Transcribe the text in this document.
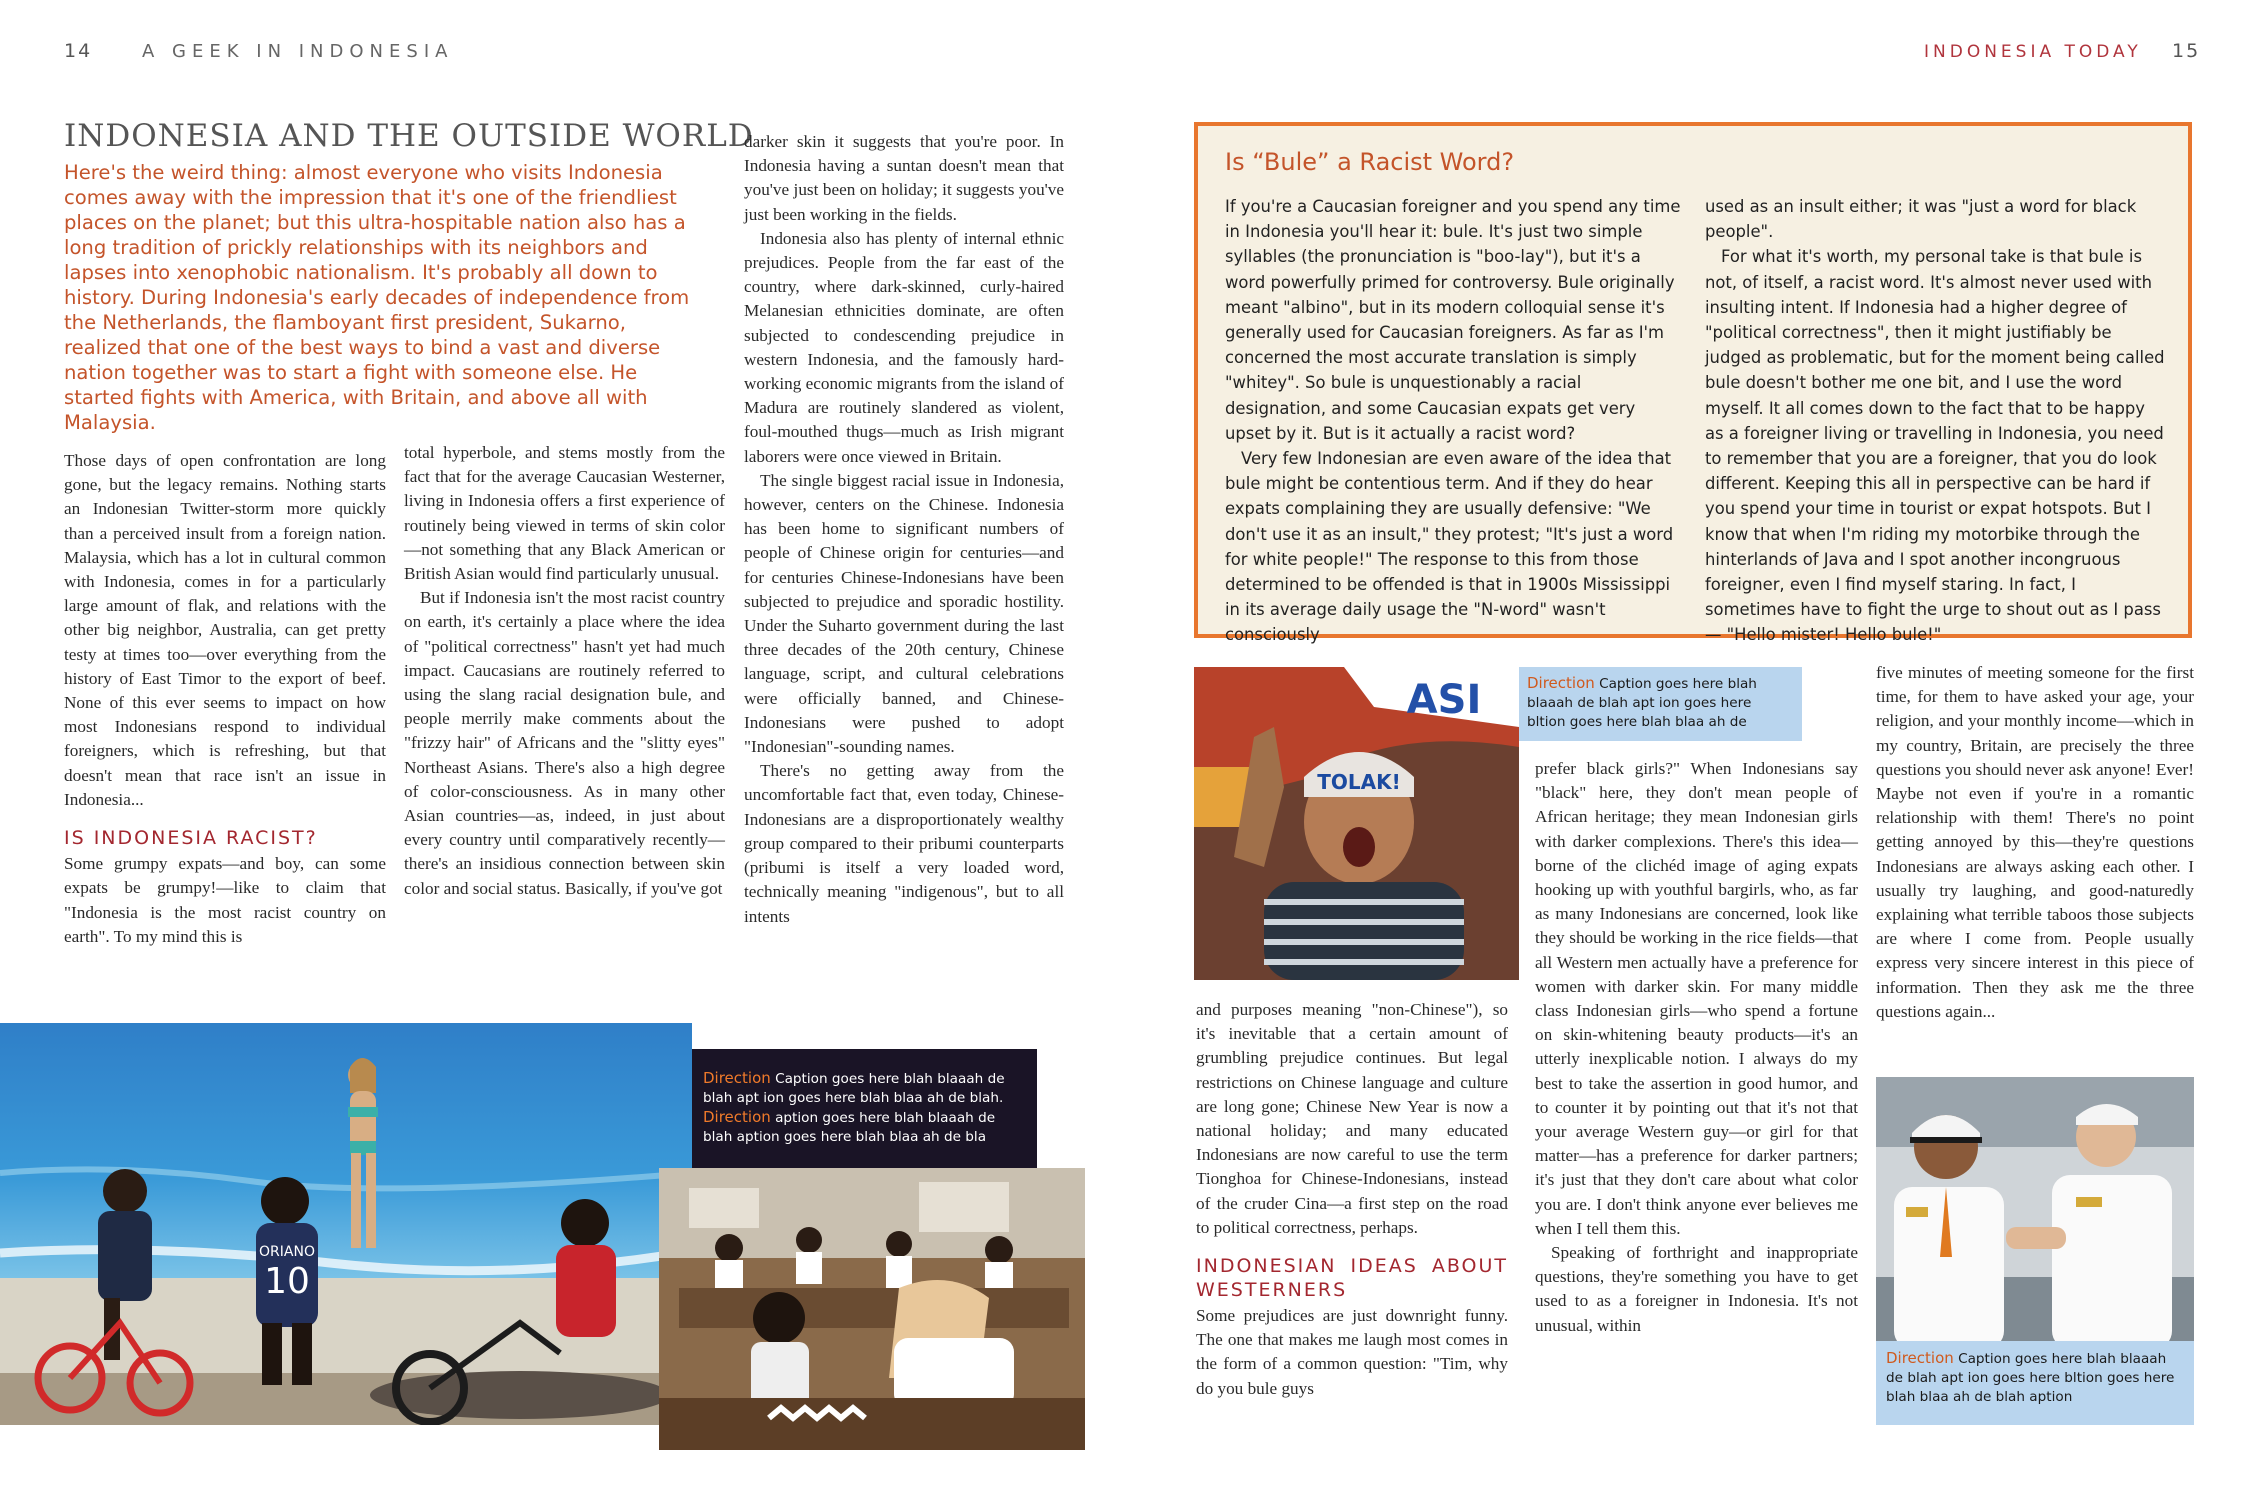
14	A GEEK IN INDONESIA	INDONESIA TODAY 15
INDONESIA AND THE OUTSIDE WORLD
Here's the weird thing: almost everyone who visits Indonesia comes away with the impression that it's one of the friendliest places on the planet; but this ultra-hospitable nation also has a long tradition of prickly relationships with its neighbors and lapses into xenophobic nationalism. It's probably all down to history. During Indonesia's early decades of independence from the Netherlands, the flamboyant first president, Sukarno, realized that one of the best ways to bind a vast and diverse nation together was to start a fight with someone else. He started fights with America, with Britain, and above all with Malaysia.

Those days of open confrontation are long gone, but the legacy remains. Nothing starts an Indonesian Twitter-storm more quickly than a perceived insult from a foreign nation. Malaysia, which has a lot in cultural common with Indonesia, comes in for a particularly large amount of flak, and relations with the other big neighbor, Australia, can get pretty testy at times too—over everything from the history of East Timor to the export of beef. None of this ever seems to impact on how most Indonesians respond to individual foreigners, which is refreshing, but that doesn't mean that race isn't an issue in Indonesia...

IS INDONESIA RACIST?

Some grumpy expats—and boy, can some expats be grumpy!—like to claim that "Indonesia is the most racist country on earth". To my mind this is

total hyperbole, and stems mostly from the fact that for the average Caucasian Westerner, living in Indonesia offers a first experience of routinely being viewed in terms of skin color—not something that any Black American or British Asian would find particularly unusual.

But if Indonesia isn't the most racist country on earth, it's certainly a place where the idea of "political correctness" hasn't yet had much impact. Caucasians are routinely referred to using the slang racial designation bule, and people merrily make comments about the "frizzy hair" of Africans and the "slitty eyes" Northeast Asians. There's also a high degree of color-consciousness. As in many other Asian countries—as, indeed, in just about every country until comparatively recently—there's an insidious connection between skin color and social status. Basically, if you've got

darker skin it suggests that you're poor. In Indonesia having a suntan doesn't mean that you've just been on holiday; it suggests you've just been working in the fields.

Indonesia also has plenty of internal ethnic prejudices. People from the far east of the country, where dark-skinned, curly-haired Melanesian ethnicities dominate, are often subjected to condescending prejudice in western Indonesia, and the famously hard-working economic migrants from the island of Madura are routinely slandered as violent, foul-mouthed thugs—much as Irish migrant laborers were once viewed in Britain.

The single biggest racial issue in Indonesia, however, centers on the Chinese. Indonesia has been home to significant numbers of people of Chinese origin for centuries—and for centuries Chinese-Indonesians have been subjected to prejudice and sporadic hostility. Under the Suharto government during the last three decades of the 20th century, Chinese language, script, and cultural celebrations were officially banned, and Chinese-Indonesians were pushed to adopt "Indonesian"-sounding names.

There's no getting away from the uncomfortable fact that, even today, Chinese-Indonesians are a disproportionately wealthy group compared to their pribumi counterparts (pribumi is itself a very loaded word, technically meaning "indigenous", but to all intents

ORIANO
10
Direction Caption goes here blah blaaah de blah apt ion goes here blah blaa ah de blah.
Direction aption goes here blah blaaah de blah aption goes here blah blaa ah de bla
Is “Bule” a Racist Word?

If you're a Caucasian foreigner and you spend any time in Indonesia you'll hear it: bule. It's just two simple syllables (the pronunciation is "boo-lay"), but it's a word powerfully primed for controversy. Bule originally meant "albino", but in its modern colloquial sense it's generally used for Caucasian foreigners. As far as I'm concerned the most accurate translation is simply "whitey". So bule is unquestionably a racial designation, and some Caucasian expats get very upset by it. But is it actually a racist word?

Very few Indonesian are even aware of the idea that bule might be contentious term. And if they do hear expats complaining they are usually defensive: "We don't use it as an insult," they protest; "It's just a word for white people!" The response to this from those determined to be offended is that in 1900s Mississippi in its average daily usage the "N-word" wasn't consciously

used as an insult either; it was "just a word for black people".

For what it's worth, my personal take is that bule is not, of itself, a racist word. It's almost never used with insulting intent. If Indonesia had a higher degree of "political correctness", then it might justifiably be judged as problematic, but for the moment being called bule doesn't bother me one bit, and I use the word myself. It all comes down to the fact that to be happy as a foreigner living or travelling in Indonesia, you need to remember that you are a foreigner, that you do look different. Keeping this all in perspective can be hard if you spend your time in tourist or expat hotspots. But I know that when I'm riding my motorbike through the hinterlands of Java and I spot another incongruous foreigner, even I find myself staring. In fact, I sometimes have to fight the urge to shout out as I pass — "Hello mister! Hello bule!"

ASI
TOLAK!
Direction Caption goes here blah blaaah de blah apt ion goes here bltion goes here blah blaa ah de

and purposes meaning "non-Chinese"), so it's inevitable that a certain amount of grumbling prejudice continues. But legal restrictions on Chinese language and culture are long gone; Chinese New Year is now a national holiday; and many educated Indonesians are now careful to use the term Tionghoa for Chinese-Indonesians, instead of the cruder Cina—a first step on the road to political correctness, perhaps.

INDONESIAN IDEAS ABOUT WESTERNERS

Some prejudices are just downright funny. The one that makes me laugh most comes in the form of a common question: "Tim, why do you bule guys

prefer black girls?" When Indonesians say "black" here, they don't mean people of African heritage; they mean Indonesian girls with darker complexions. There's this idea—borne of the clichéd image of aging expats hooking up with youthful bargirls, who, as far as many Indonesians are concerned, look like they should be working in the rice fields—that all Western men actually have a preference for women with darker skin. For many middle class Indonesian girls—who spend a fortune on skin-whitening beauty products—it's an utterly inexplicable notion. I always do my best to take the assertion in good humor, and to counter it by pointing out that it's not that your average Western guy—or girl for that matter—has a preference for darker partners; it's just that they don't care about what color you are. I don't think anyone ever believes me when I tell them this.

Speaking of forthright and inappropriate questions, they're something you have to get used to as a foreigner in Indonesia. It's not unusual, within

five minutes of meeting someone for the first time, for them to have asked your age, your religion, and your monthly income—which in my country, Britain, are precisely the three questions you should never ask anyone! Ever! Maybe not even if you're in a romantic relationship with them! There's no point getting annoyed by this—they're questions Indonesians are always asking each other. I usually try laughing, and good-naturedly explaining what terrible taboos those subjects are where I come from. People usually express very sincere interest in this piece of information. Then they ask me the three questions again...

Direction Caption goes here blah blaaah de blah apt ion goes here bltion goes here blah blaa ah de blah aption
